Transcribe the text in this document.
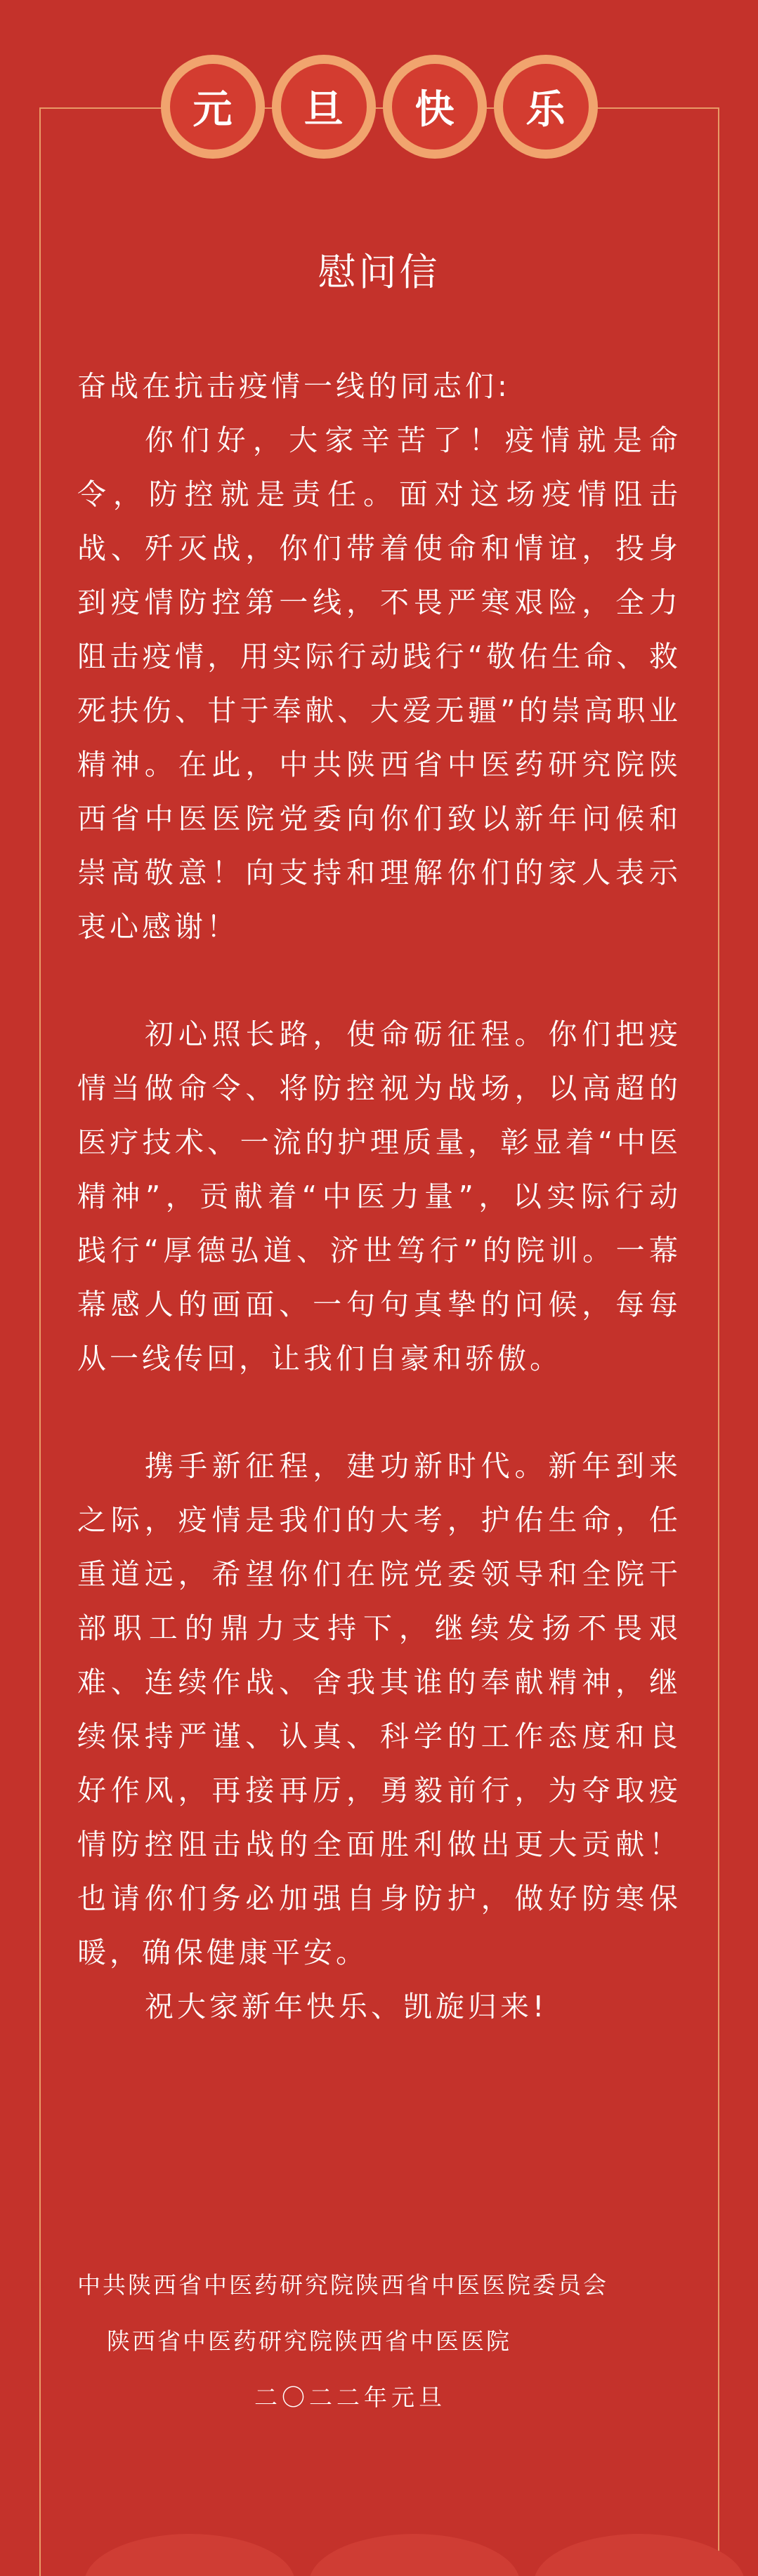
元	旦	快	乐
慰问信

奋战在抗击疫情一线的同志们:

你们好，大家辛苦了！疫情就是命令，防控就是责任。面对这场疫情阻击战、歼灭战，你们带着使命和情谊，投身到疫情防控第一线，不畏严寒艰险，全力阻击疫情，用实际行动践行“敬佑生命、救死扶伤、甘于奉献、大爱无疆”的崇高职业精神。在此，中共陕西省中医药研究院陕西省中医医院党委向你们致以新年问候和崇高敬意！向支持和理解你们的家人表示衷心感谢！

初心照长路，使命砺征程。你们把疫情当做命令、将防控视为战场，以高超的医疗技术、一流的护理质量，彰显着“中医精神”，贡献着“中医力量”，以实际行动践行“厚德弘道、济世笃行”的院训。一幕幕感人的画面、一句句真挚的问候，每每从一线传回，让我们自豪和骄傲。

携手新征程，建功新时代。新年到来之际，疫情是我们的大考，护佑生命，任重道远，希望你们在院党委领导和全院干部职工的鼎力支持下，继续发扬不畏艰难、连续作战、舍我其谁的奉献精神，继续保持严谨、认真、科学的工作态度和良好作风，再接再厉，勇毅前行，为夺取疫情防控阻击战的全面胜利做出更大贡献！也请你们务必加强自身防护，做好防寒保暖，确保健康平安。

祝大家新年快乐、凯旋归来!

中共陕西省中医药研究院陕西省中医医院委员会
陕西省中医药研究院陕西省中医医院
二〇二二年元旦
